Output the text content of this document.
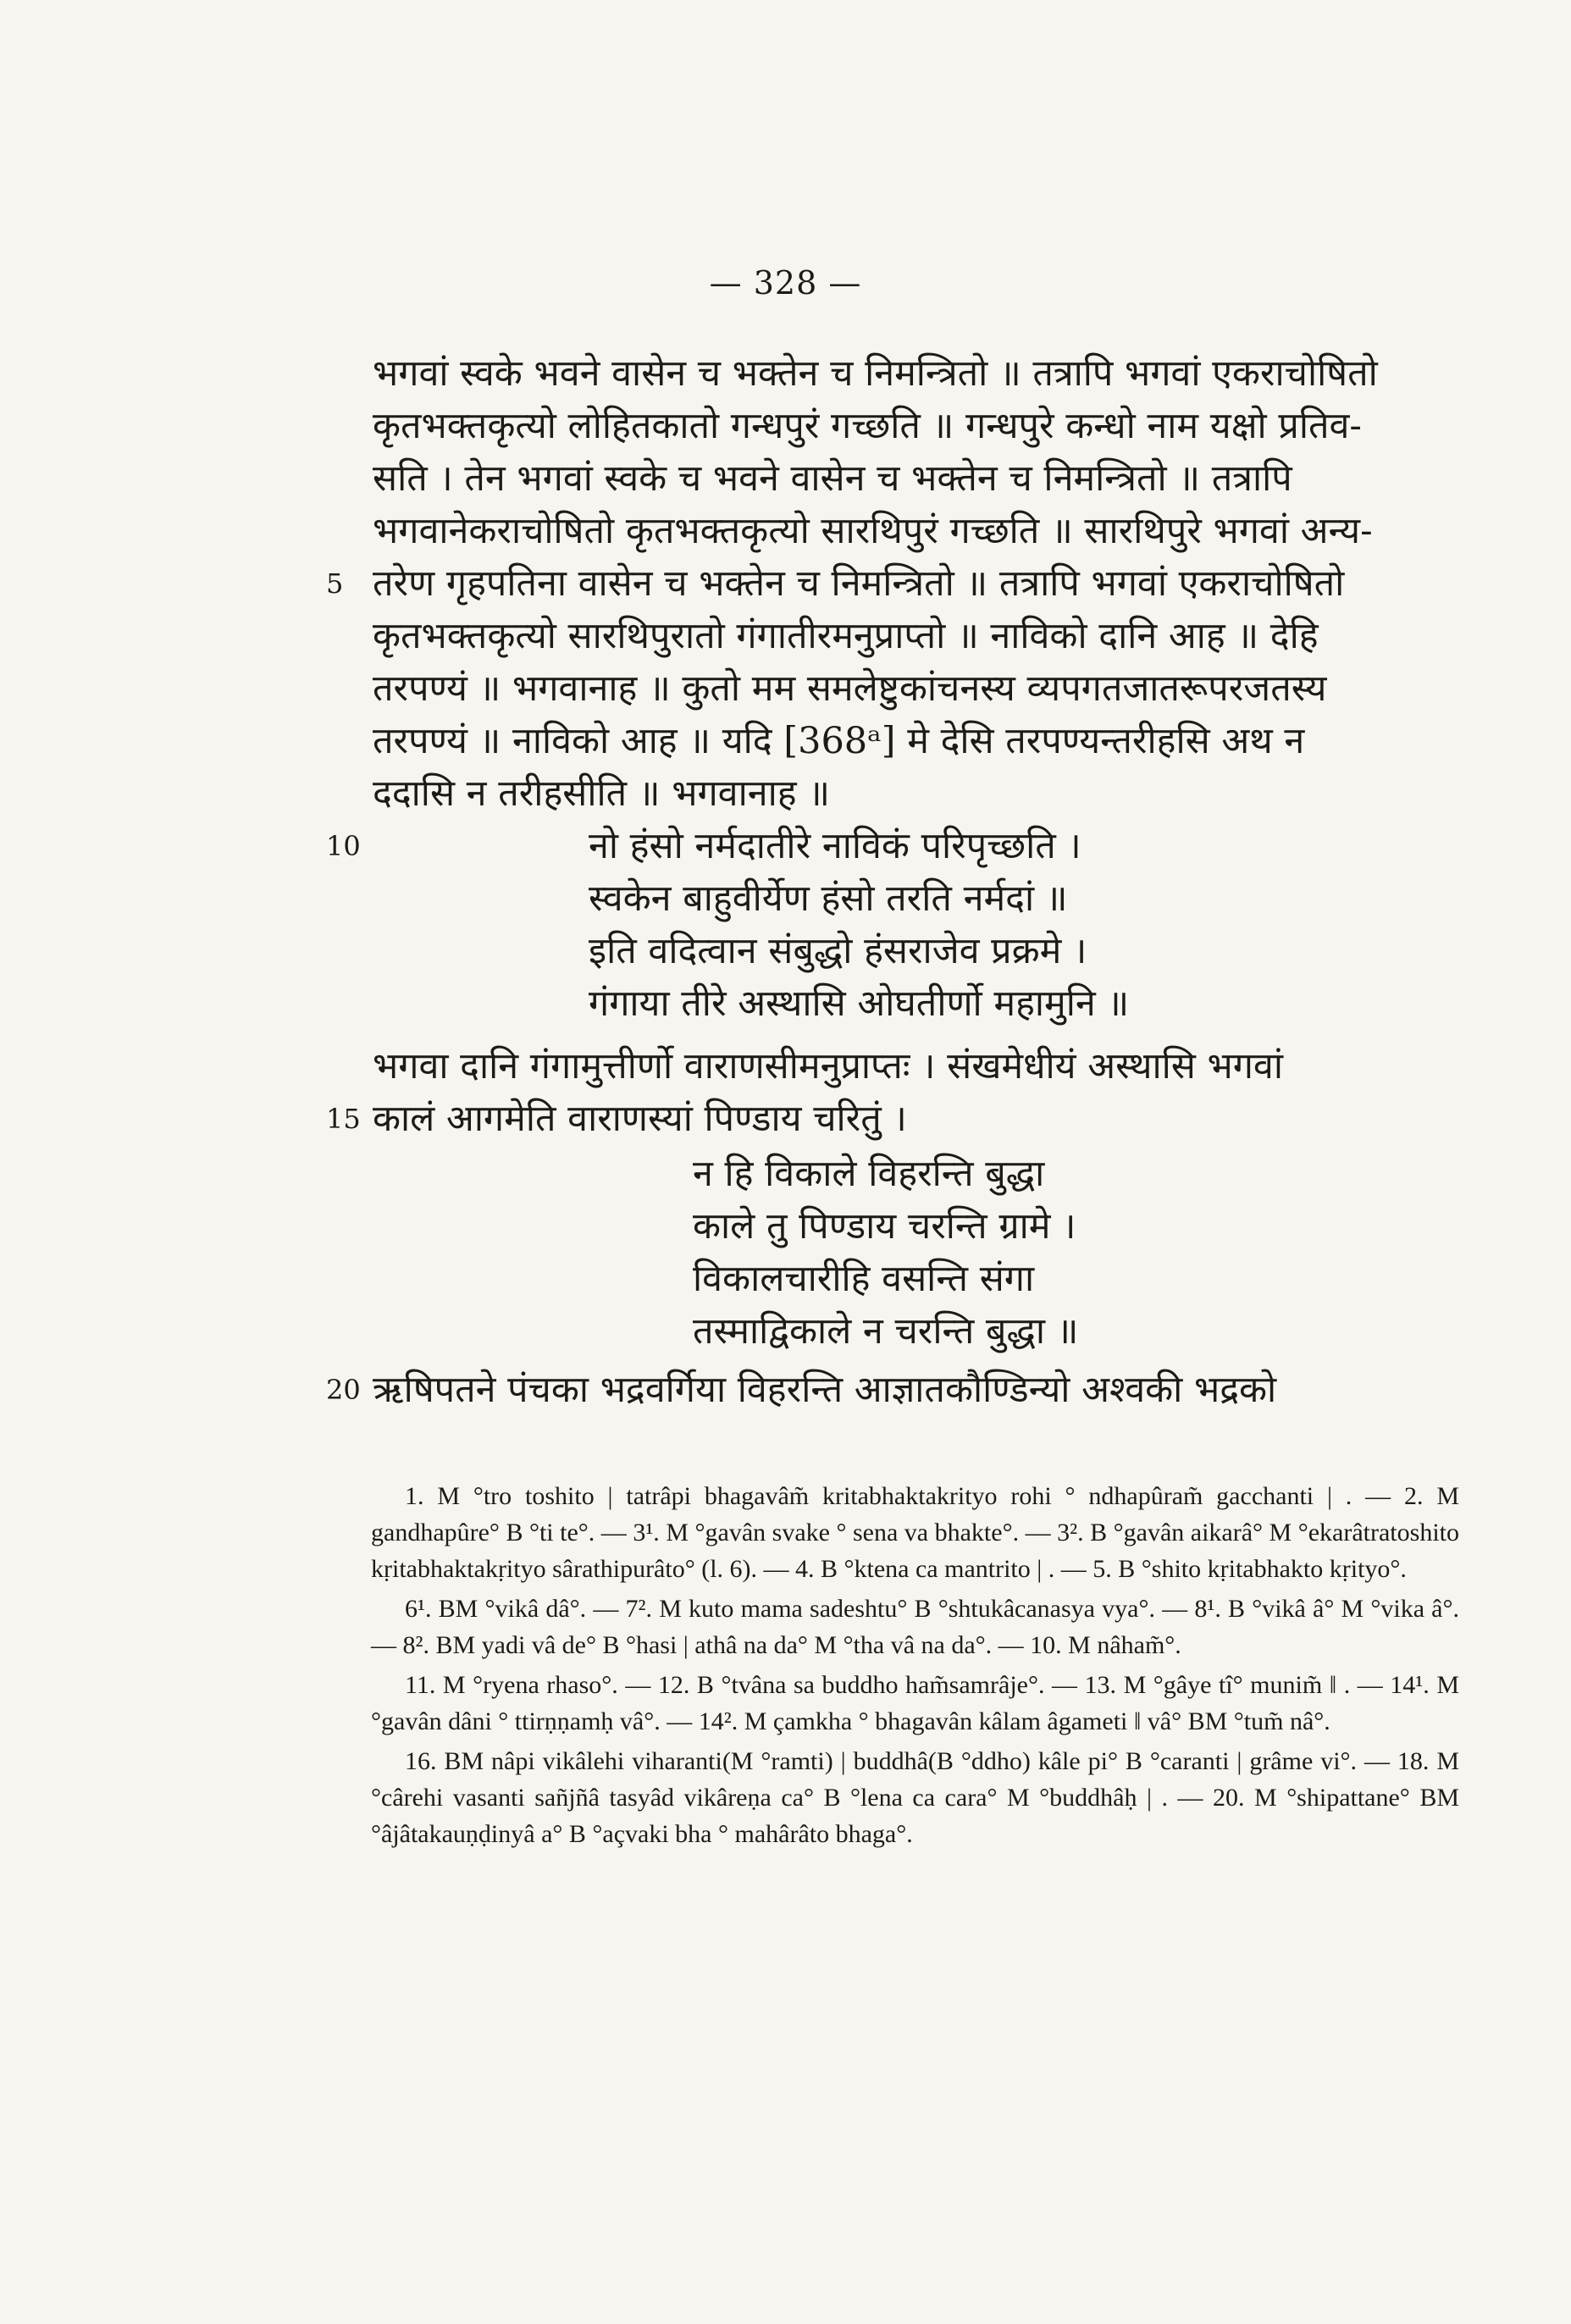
— 328 —
भगवां स्वके भवने वासेन च भक्तेन च निमन्त्रितो ॥ तत्रापि भगवां एकराचोषितो
कृतभक्तकृत्यो लोहितकातो गन्धपुरं गच्छति ॥ गन्धपुरे कन्धो नाम यक्षो प्रतिव-
सति । तेन भगवां स्वके च भवने वासेन च भक्तेन च निमन्त्रितो ॥ तत्रापि
भगवानेकराचोषितो कृतभक्तकृत्यो सारथिपुरं गच्छति ॥ सारथिपुरे भगवां अन्य-
तरेण गृहपतिना वासेन च भक्तेन च निमन्त्रितो ॥ तत्रापि भगवां एकराचोषितो
कृतभक्तकृत्यो सारथिपुरातो गंगातीरमनुप्राप्तो ॥ नाविको दानि आह ॥ देहि
तरपण्यं ॥ भगवानाह ॥ कुतो मम समलेष्टुकांचनस्य व्यपगतजातरूपरजतस्य
तरपण्यं ॥ नाविको आह ॥ यदि [368ᵃ] मे देसि तरपण्यन्तरीहसि अथ न
ददासि न तरीहसीति ॥ भगवानाह ॥
नो हंसो नर्मदातीरे नाविकं परिपृच्छति ।
स्वकेन बाहुवीर्येण हंसो तरति नर्मदां ॥
इति वदित्वान संबुद्धो हंसराजेव प्रक्रमे ।
गंगाया तीरे अस्थासि ओघतीर्णो महामुनि ॥
भगवा दानि गंगामुत्तीर्णो वाराणसीमनुप्राप्तः । संखमेधीयं अस्थासि भगवां
कालं आगमेति वाराणस्यां पिण्डाय चरितुं ।
न हि विकाले विहरन्ति बुद्धा
काले तु पिण्डाय चरन्ति ग्रामे ।
विकालचारीहि वसन्ति संगा
तस्माद्विकाले न चरन्ति बुद्धा ॥
ऋषिपतने पंचका भद्रवर्गिया विहरन्ति आज्ञातकौण्डिन्यो अश्वकी भद्रको
5
10
15
20

1. M °tro toshito | tatrâpi bhagavâm̃ kritabhaktakrityo rohi ° ndhapûram̃ gacchanti | . — 2. M gandhapûre° B °ti te°. — 3¹. M °gavân svake ° sena va bhakte°. — 3². B °gavân aikarâ° M °ekarâtratoshito kṛitabhaktakṛityo sârathipurâto° (l. 6). — 4. B °ktena ca mantrito | . — 5. B °shito kṛitabhakto kṛityo°.

6¹. BM °vikâ dâ°. — 7². M kuto mama sadeshtu° B °shtukâcanasya vya°. — 8¹. B °vikâ â° M °vika â°. — 8². BM yadi vâ de° B °hasi | athâ na da° M °tha vâ na da°. — 10. M nâham̃°.

11. M °ryena rhaso°. — 12. B °tvâna sa buddho ham̃samrâje°. — 13. M °gâye tî° munim̃ ‖ . — 14¹. M °gavân dâni ° ttirṇṇamḥ vâ°. — 14². M çamkha ° bhagavân kâlam âgameti ‖ vâ° BM °tum̃ nâ°.

16. BM nâpi vikâlehi viharanti(M °ramti) | buddhâ(B °ddho) kâle pi° B °caranti | grâme vi°. — 18. M °cârehi vasanti sañjñâ tasyâd vikâreṇa ca° B °lena ca cara° M °buddhâḥ | . — 20. M °shipattane° BM °âjâtakauṇḍinyâ a° B °açvaki bha ° mahârâto bhaga°.
